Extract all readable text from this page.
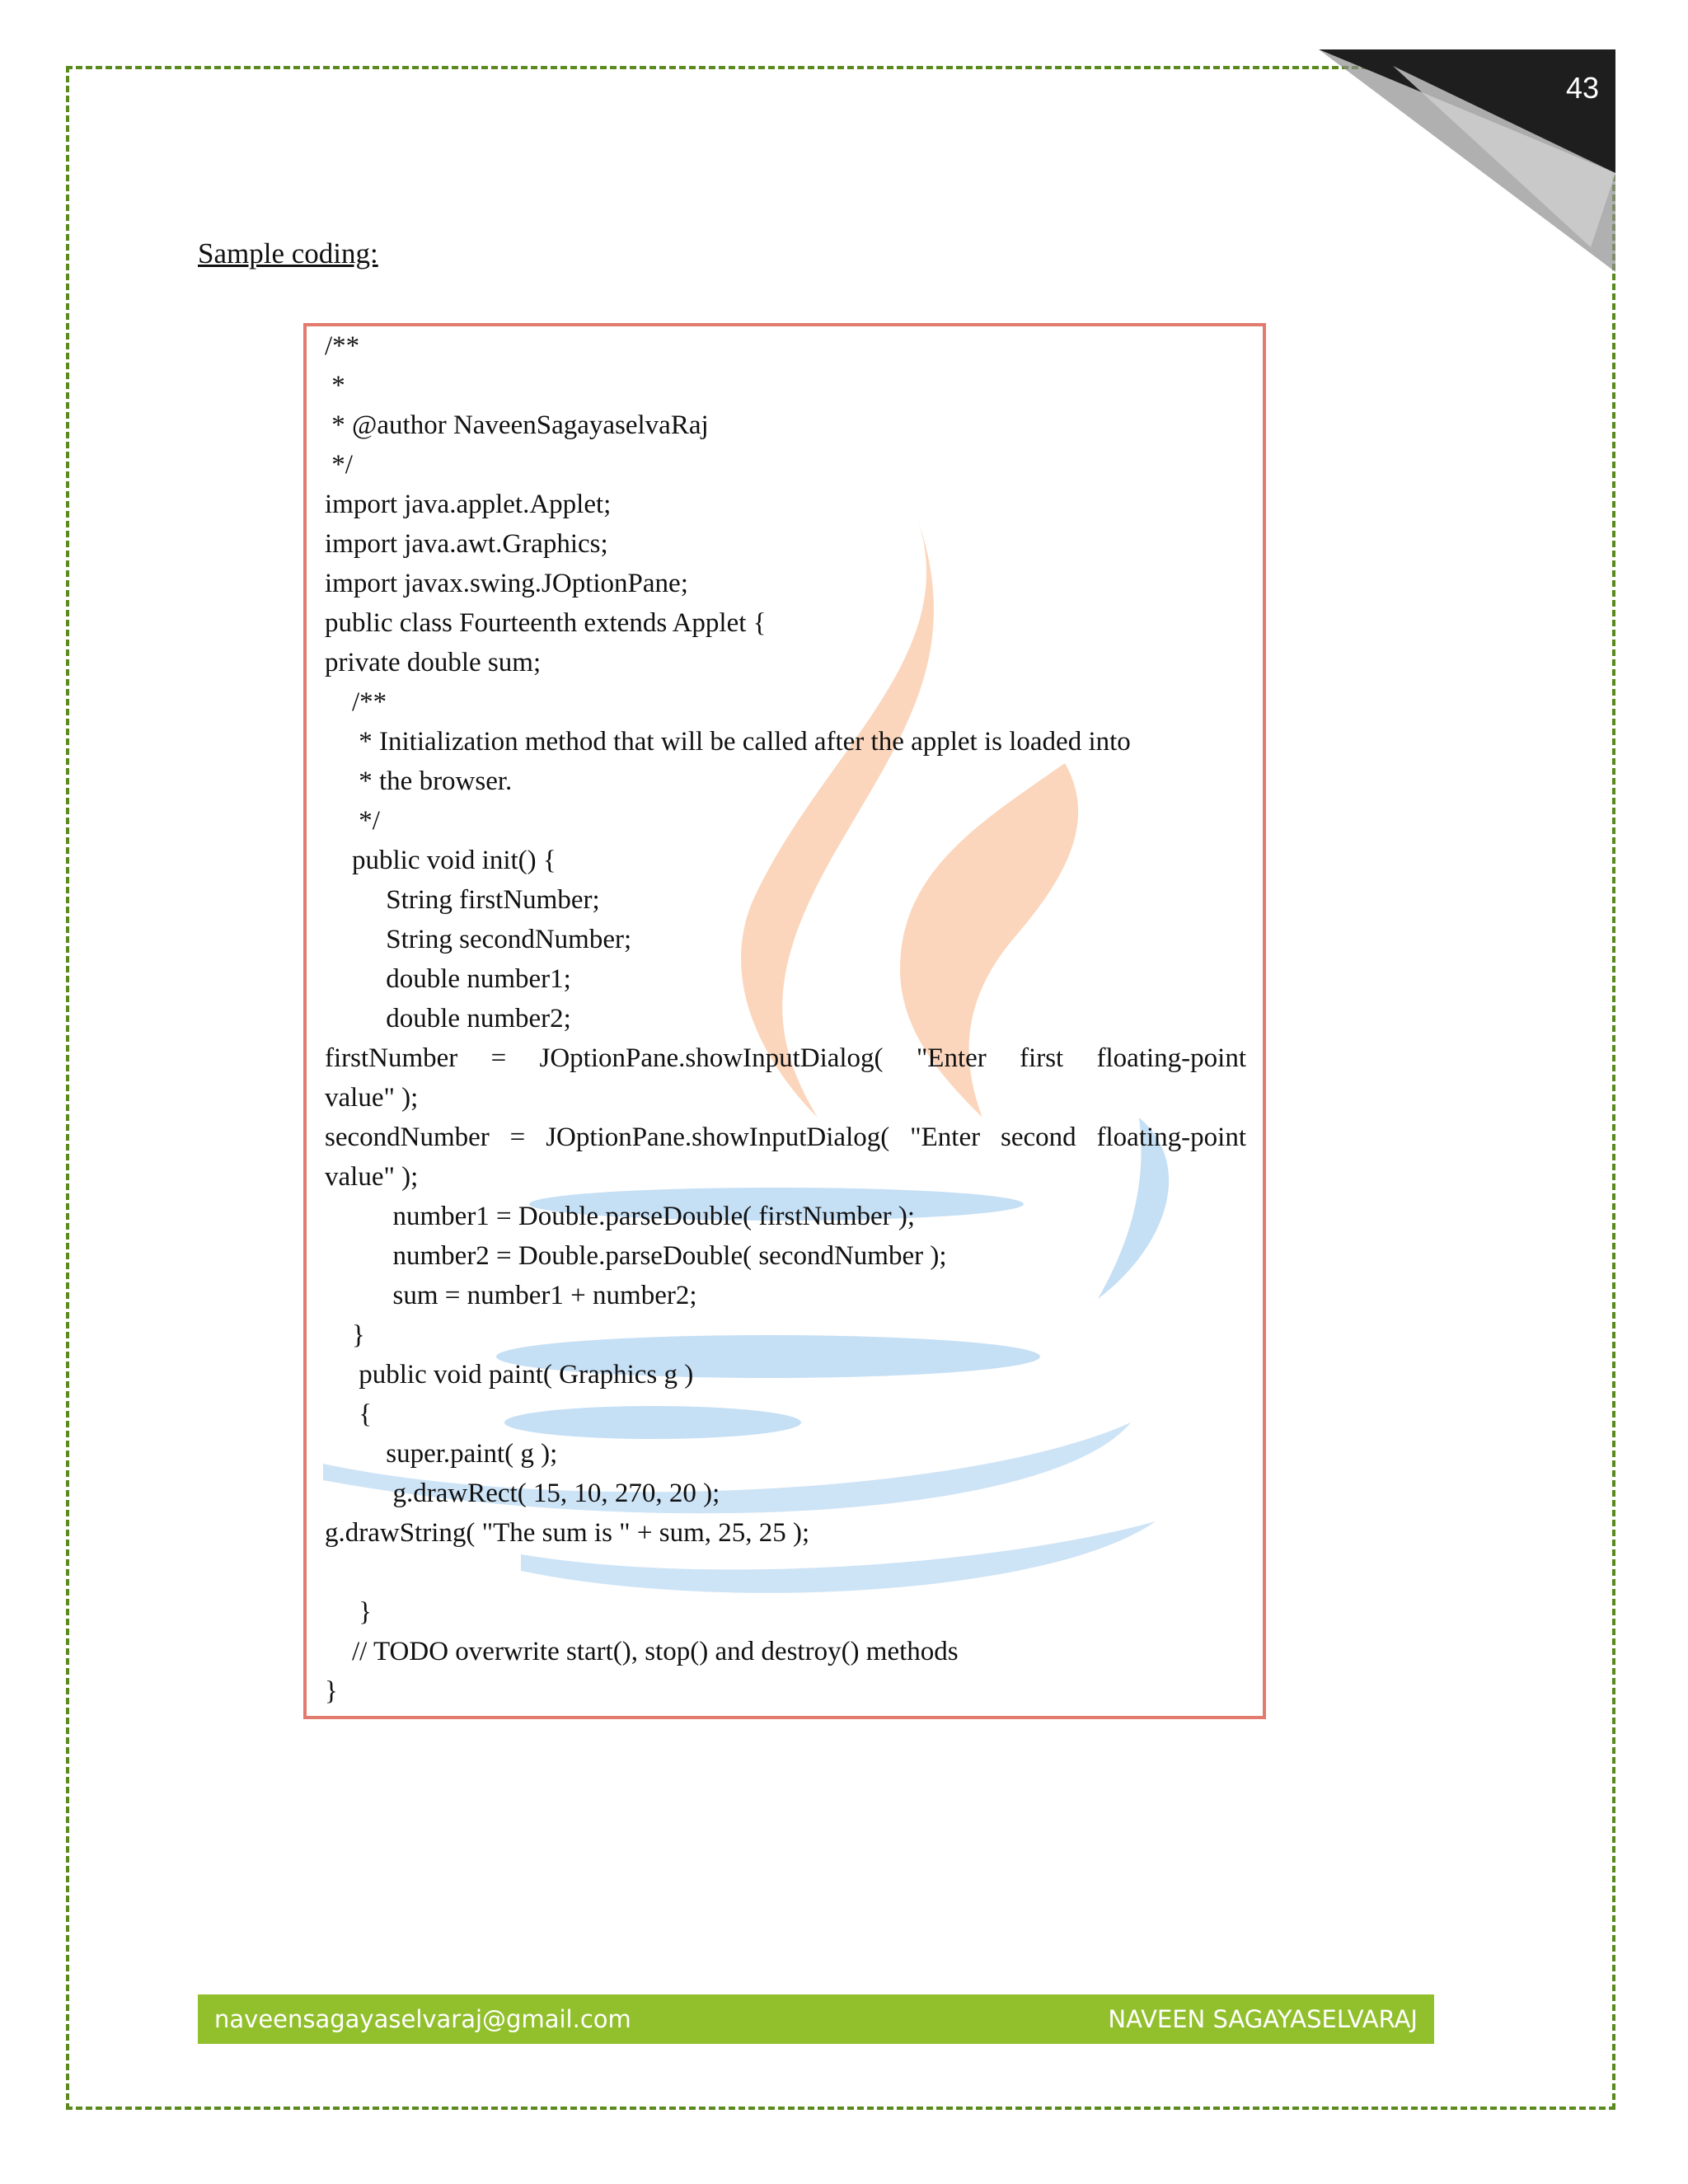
43
Sample coding:
/**
*
* @author NaveenSagayaselvaRaj
*/
import java.applet.Applet;
import java.awt.Graphics;
import javax.swing.JOptionPane;
public class Fourteenth extends Applet {
private double sum;
/**
* Initialization method that will be called after the applet is loaded into
* the browser.
*/
public void init() {
String firstNumber;
String secondNumber;
double number1;
double number2;
firstNumber = JOptionPane.showInputDialog( "Enter first floating-point
value" );
secondNumber = JOptionPane.showInputDialog( "Enter second floating-point
value" );
number1 = Double.parseDouble( firstNumber );
number2 = Double.parseDouble( secondNumber );
sum = number1 + number2;
}
public void paint( Graphics g )
{
super.paint( g );
g.drawRect( 15, 10, 270, 20 );
g.drawString( "The sum is " + sum, 25, 25 );
}
// TODO overwrite start(), stop() and destroy() methods
}
naveensagayaselvaraj@gmail.com	NAVEEN SAGAYASELVARAJ
